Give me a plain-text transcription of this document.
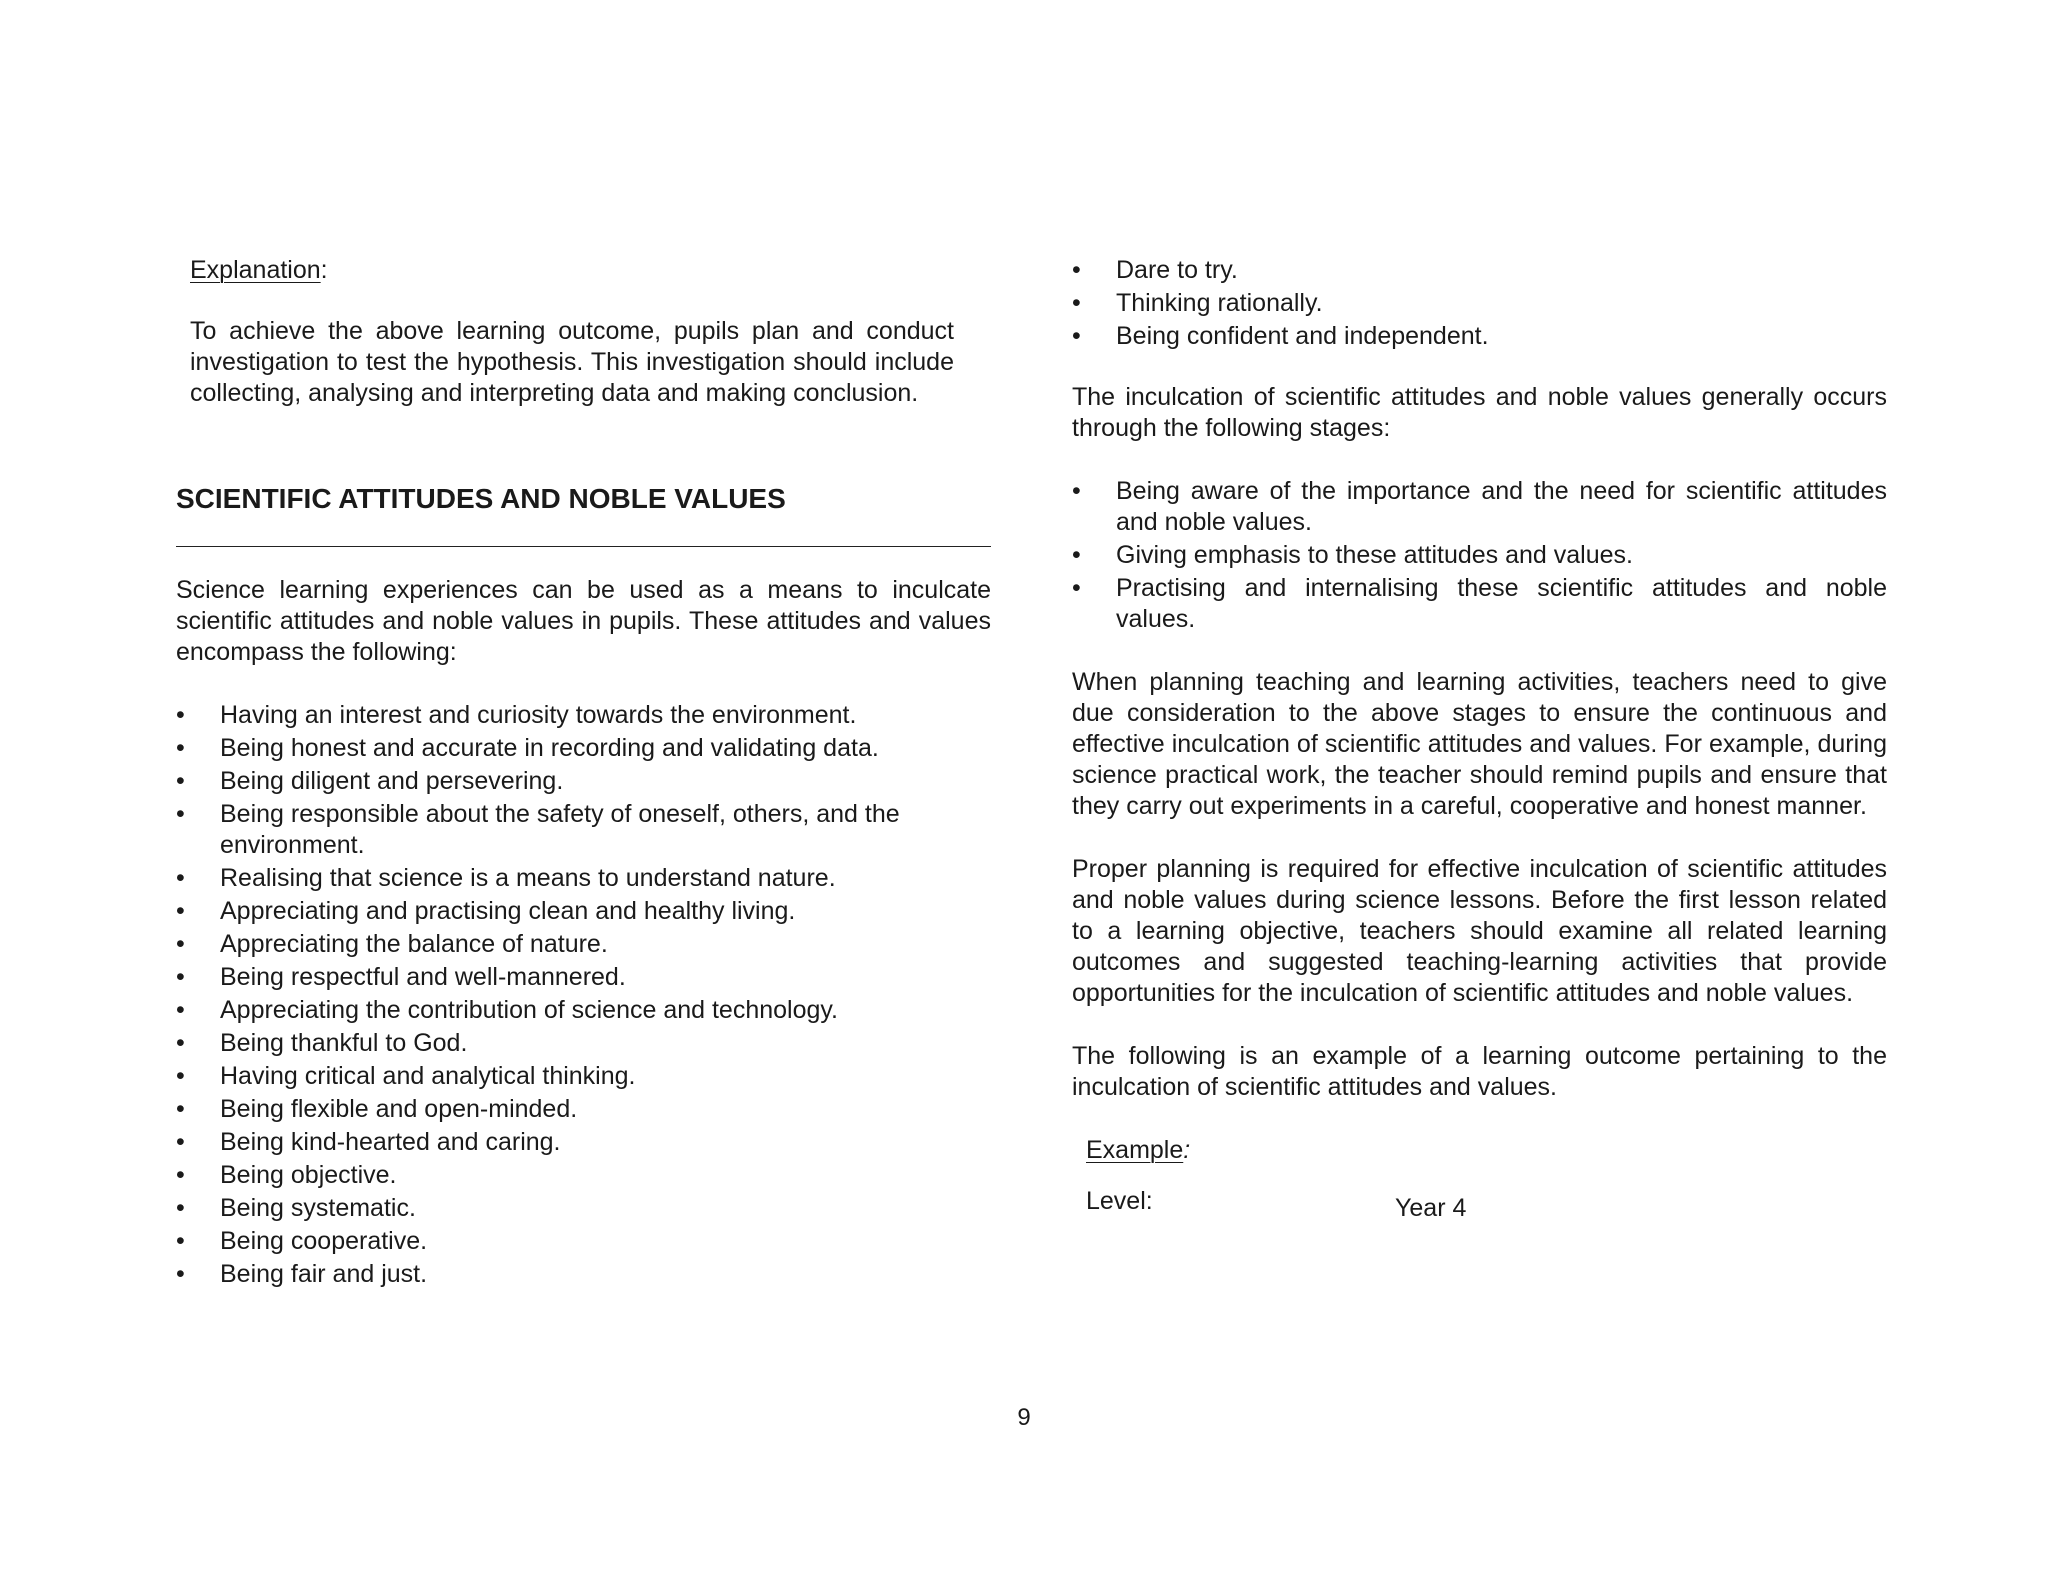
Explanation:

To achieve the above learning outcome, pupils plan and conduct investigation to test the hypothesis. This investigation should include collecting, analysing and interpreting data and making conclusion.

SCIENTIFIC ATTITUDES AND NOBLE VALUES

Science learning experiences can be used as a means to inculcate scientific attitudes and noble values in pupils. These attitudes and values encompass the following:

•	Having an interest and curiosity towards the environment.
•	Being honest and accurate in recording and validating data.
•	Being diligent and persevering.
•	Being responsible about the safety of oneself, others, and the environment.
•	Realising that science is a means to understand nature.
•	Appreciating and practising clean and healthy living.
•	Appreciating the balance of nature.
•	Being respectful and well-mannered.
•	Appreciating the contribution of science and technology.
•	Being thankful to God.
•	Having critical and analytical thinking.
•	Being flexible and open-minded.
•	Being kind-hearted and caring.
•	Being objective.
•	Being systematic.
•	Being cooperative.
•	Being fair and just.
•	Dare to try.
•	Thinking rationally.
•	Being confident and independent.

The inculcation of scientific attitudes and noble values generally occurs through the following stages:

•	Being aware of the importance and the need for scientific attitudes and noble values.
•	Giving emphasis to these attitudes and values.
•	Practising and internalising these scientific attitudes and noble values.

When planning teaching and learning activities, teachers need to give due consideration to the above stages to ensure the continuous and effective inculcation of scientific attitudes and values. For example, during science practical work, the teacher should remind pupils and ensure that they carry out experiments in a careful, cooperative and honest manner.

Proper planning is required for effective inculcation of scientific attitudes and noble values during science lessons. Before the first lesson related to a learning objective, teachers should examine all related learning outcomes and suggested teaching-learning activities that provide opportunities for the inculcation of scientific attitudes and noble values.

The following is an example of a learning outcome pertaining to the inculcation of scientific attitudes and values.

Example:

Level:	Year 4
9
